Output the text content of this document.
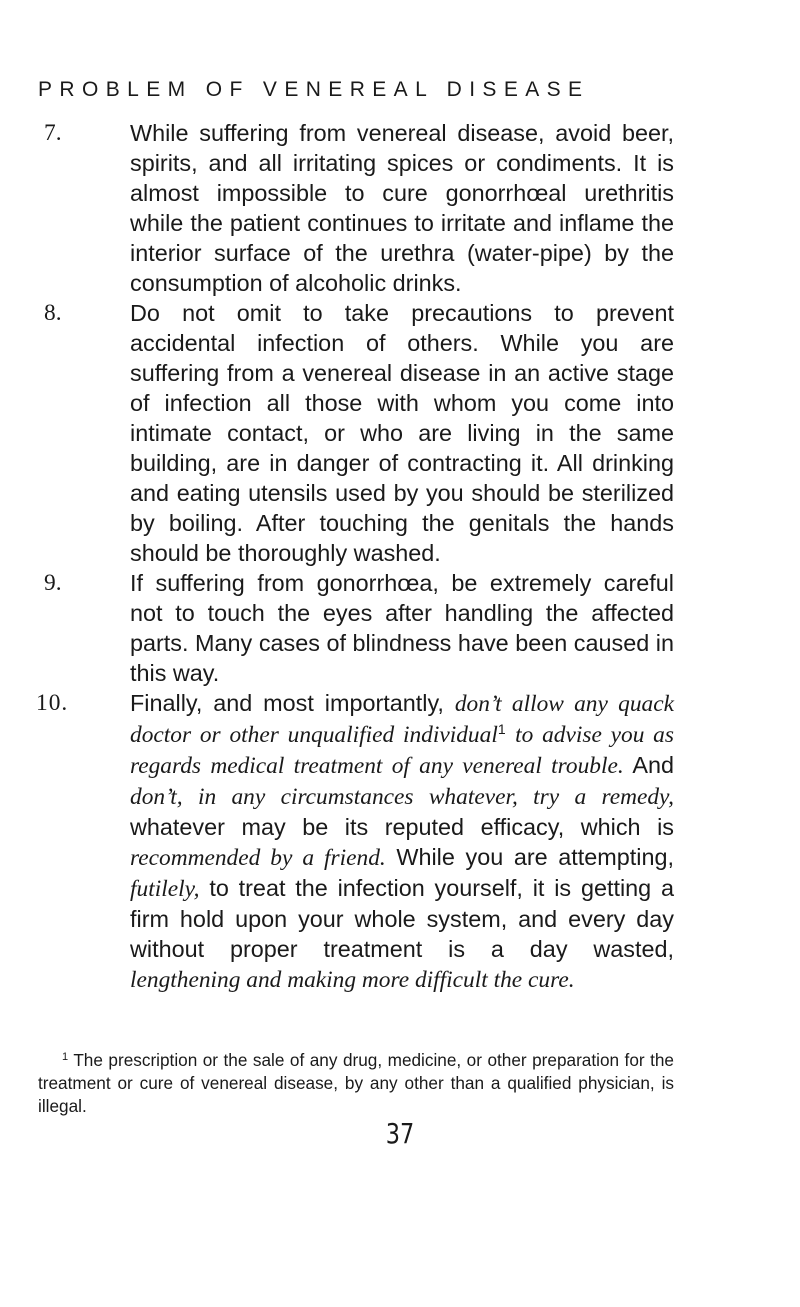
PROBLEM OF VENEREAL DISEASE
7.	While suffering from venereal disease, avoid beer, spirits, and all irritating spices or condiments. It is almost impossible to cure gonorrhœal urethritis while the patient continues to irritate and inflame the interior surface of the urethra (water-pipe) by the consumption of alcoholic drinks.
8.	Do not omit to take precautions to prevent accidental infection of others. While you are suffering from a venereal disease in an active stage of infection all those with whom you come into intimate contact, or who are living in the same building, are in danger of contracting it. All drinking and eating utensils used by you should be sterilized by boiling. After touching the genitals the hands should be thoroughly washed.
9.	If suffering from gonorrhœa, be extremely careful not to touch the eyes after handling the affected parts. Many cases of blindness have been caused in this way.
10.	Finally, and most importantly, don’t allow any quack doctor or other unqualified individual$^1$ to advise you as regards medical treatment of any venereal trouble. And don’t, in any circumstances whatever, try a remedy, whatever may be its reputed efficacy, which is recommended by a friend. While you are attempting, futilely, to treat the infection yourself, it is getting a firm hold upon your whole system, and every day without proper treatment is a day wasted, lengthening and making more difficult the cure.
$^1$ The prescription or the sale of any drug, medicine, or other preparation for the treatment or cure of venereal disease, by any other than a qualified physician, is illegal.
37
